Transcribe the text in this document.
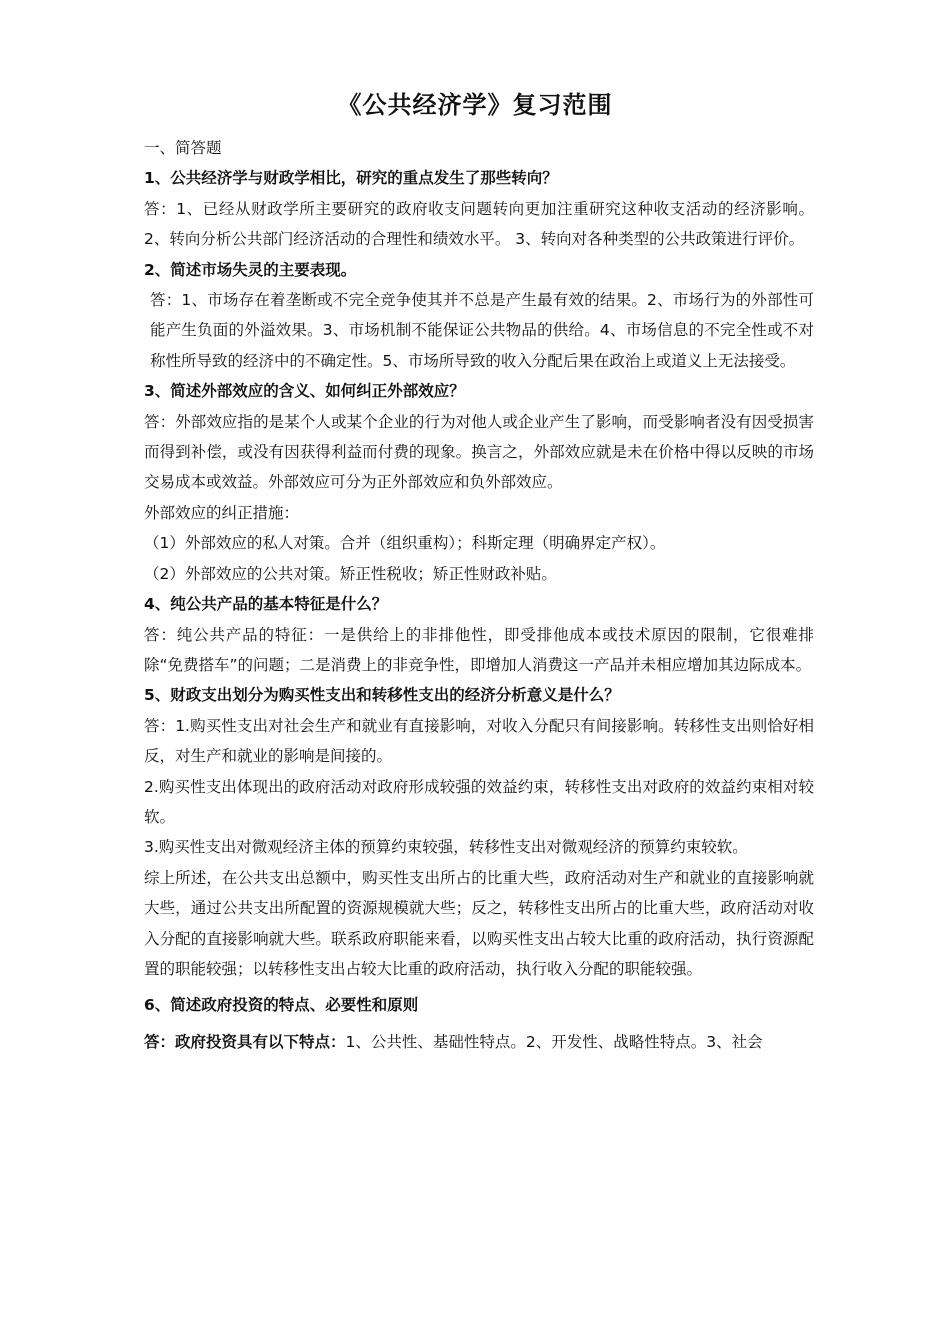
《公共经济学》复习范围

一、简答题

1、公共经济学与财政学相比，研究的重点发生了那些转向？

答：1、已经从财政学所主要研究的政府收支问题转向更加注重研究这种收支活动的经济影响。 2、转向分析公共部门经济活动的合理性和绩效水平。 3、转向对各种类型的公共政策进行评价。

2、简述市场失灵的主要表现。

答：1、市场存在着垄断或不完全竞争使其并不总是产生最有效的结果。2、市场行为的外部性可能产生负面的外溢效果。3、市场机制不能保证公共物品的供给。4、市场信息的不完全性或不对称性所导致的经济中的不确定性。5、市场所导致的收入分配后果在政治上或道义上无法接受。

3、简述外部效应的含义、如何纠正外部效应？

答：外部效应指的是某个人或某个企业的行为对他人或企业产生了影响，而受影响者没有因受损害而得到补偿，或没有因获得利益而付费的现象。换言之，外部效应就是未在价格中得以反映的市场交易成本或效益。外部效应可分为正外部效应和负外部效应。

外部效应的纠正措施：

（1）外部效应的私人对策。合并（组织重构）；科斯定理（明确界定产权）。

（2）外部效应的公共对策。矫正性税收；矫正性财政补贴。

4、纯公共产品的基本特征是什么？

答：纯公共产品的特征：一是供给上的非排他性，即受排他成本或技术原因的限制，它很难排除“免费搭车”的问题；二是消费上的非竞争性，即增加人消费这一产品并未相应增加其边际成本。

5、财政支出划分为购买性支出和转移性支出的经济分析意义是什么？

答：1.购买性支出对社会生产和就业有直接影响，对收入分配只有间接影响。转移性支出则恰好相反，对生产和就业的影响是间接的。

2.购买性支出体现出的政府活动对政府形成较强的效益约束，转移性支出对政府的效益约束相对较软。

3.购买性支出对微观经济主体的预算约束较强，转移性支出对微观经济的预算约束较软。

综上所述，在公共支出总额中，购买性支出所占的比重大些，政府活动对生产和就业的直接影响就大些，通过公共支出所配置的资源规模就大些；反之，转移性支出所占的比重大些，政府活动对收入分配的直接影响就大些。联系政府职能来看，以购买性支出占较大比重的政府活动，执行资源配置的职能较强；以转移性支出占较大比重的政府活动，执行收入分配的职能较强。

6、简述政府投资的特点、必要性和原则

答：政府投资具有以下特点：1、公共性、基础性特点。2、开发性、战略性特点。3、社会
